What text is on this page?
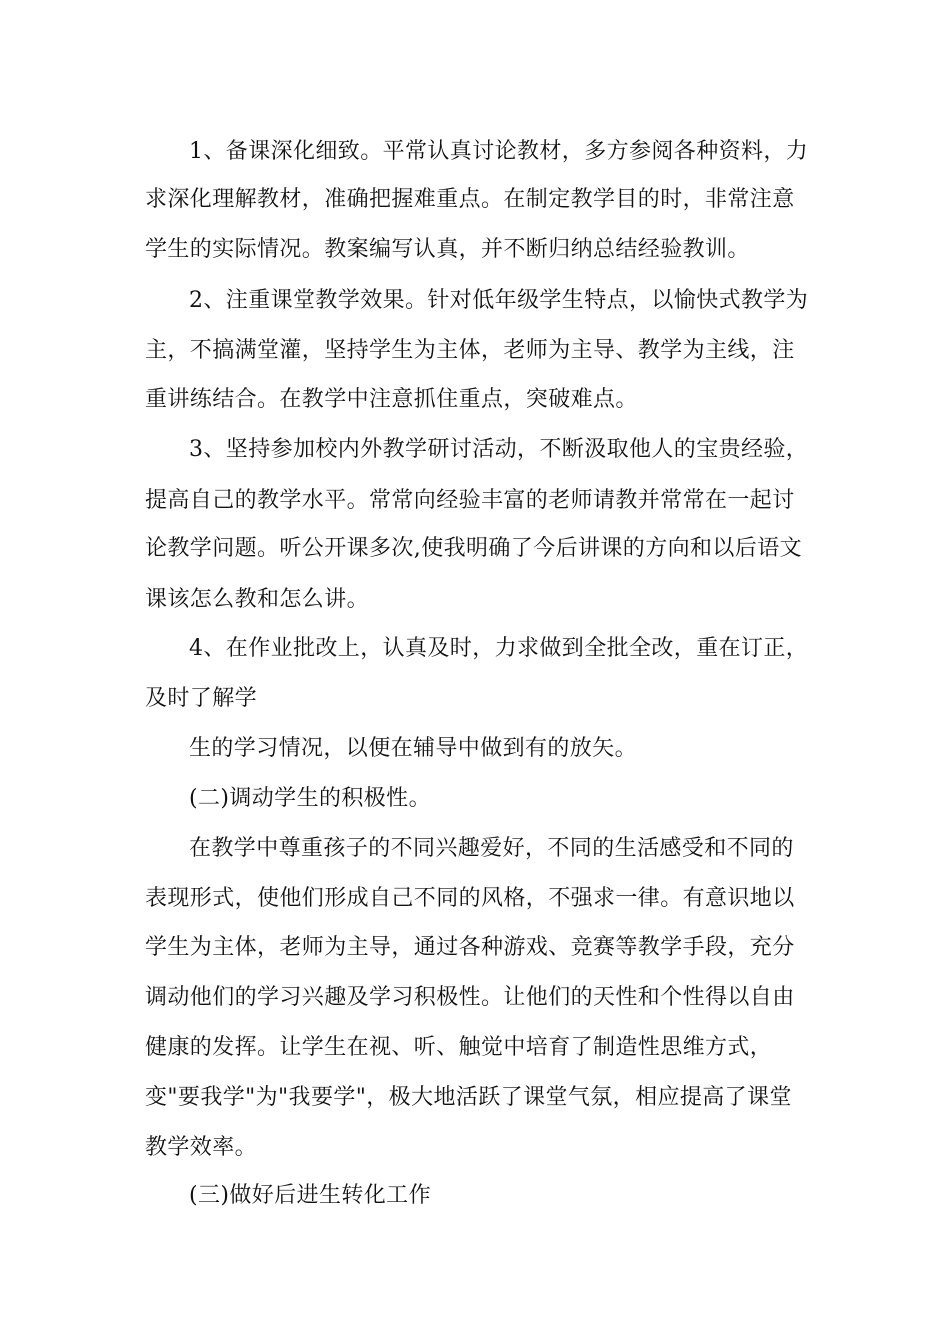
1、备课深化细致。平常认真讨论教材，多方参阅各种资料，力
求深化理解教材，准确把握难重点。在制定教学目的时，非常注意
学生的实际情况。教案编写认真，并不断归纳总结经验教训。
2、注重课堂教学效果。针对低年级学生特点，以愉快式教学为
主，不搞满堂灌，坚持学生为主体，老师为主导、教学为主线，注
重讲练结合。在教学中注意抓住重点，突破难点。
3、坚持参加校内外教学研讨活动，不断汲取他人的宝贵经验，
提高自己的教学水平。常常向经验丰富的老师请教并常常在一起讨
论教学问题。听公开课多次,使我明确了今后讲课的方向和以后语文
课该怎么教和怎么讲。
4、在作业批改上，认真及时，力求做到全批全改，重在订正，
及时了解学
生的学习情况，以便在辅导中做到有的放矢。
(二)调动学生的积极性。
在教学中尊重孩子的不同兴趣爱好，不同的生活感受和不同的
表现形式，使他们形成自己不同的风格，不强求一律。有意识地以
学生为主体，老师为主导，通过各种游戏、竞赛等教学手段，充分
调动他们的学习兴趣及学习积极性。让他们的天性和个性得以自由
健康的发挥。让学生在视、听、触觉中培育了制造性思维方式，
变"要我学"为"我要学"，极大地活跃了课堂气氛，相应提高了课堂
教学效率。
(三)做好后进生转化工作
